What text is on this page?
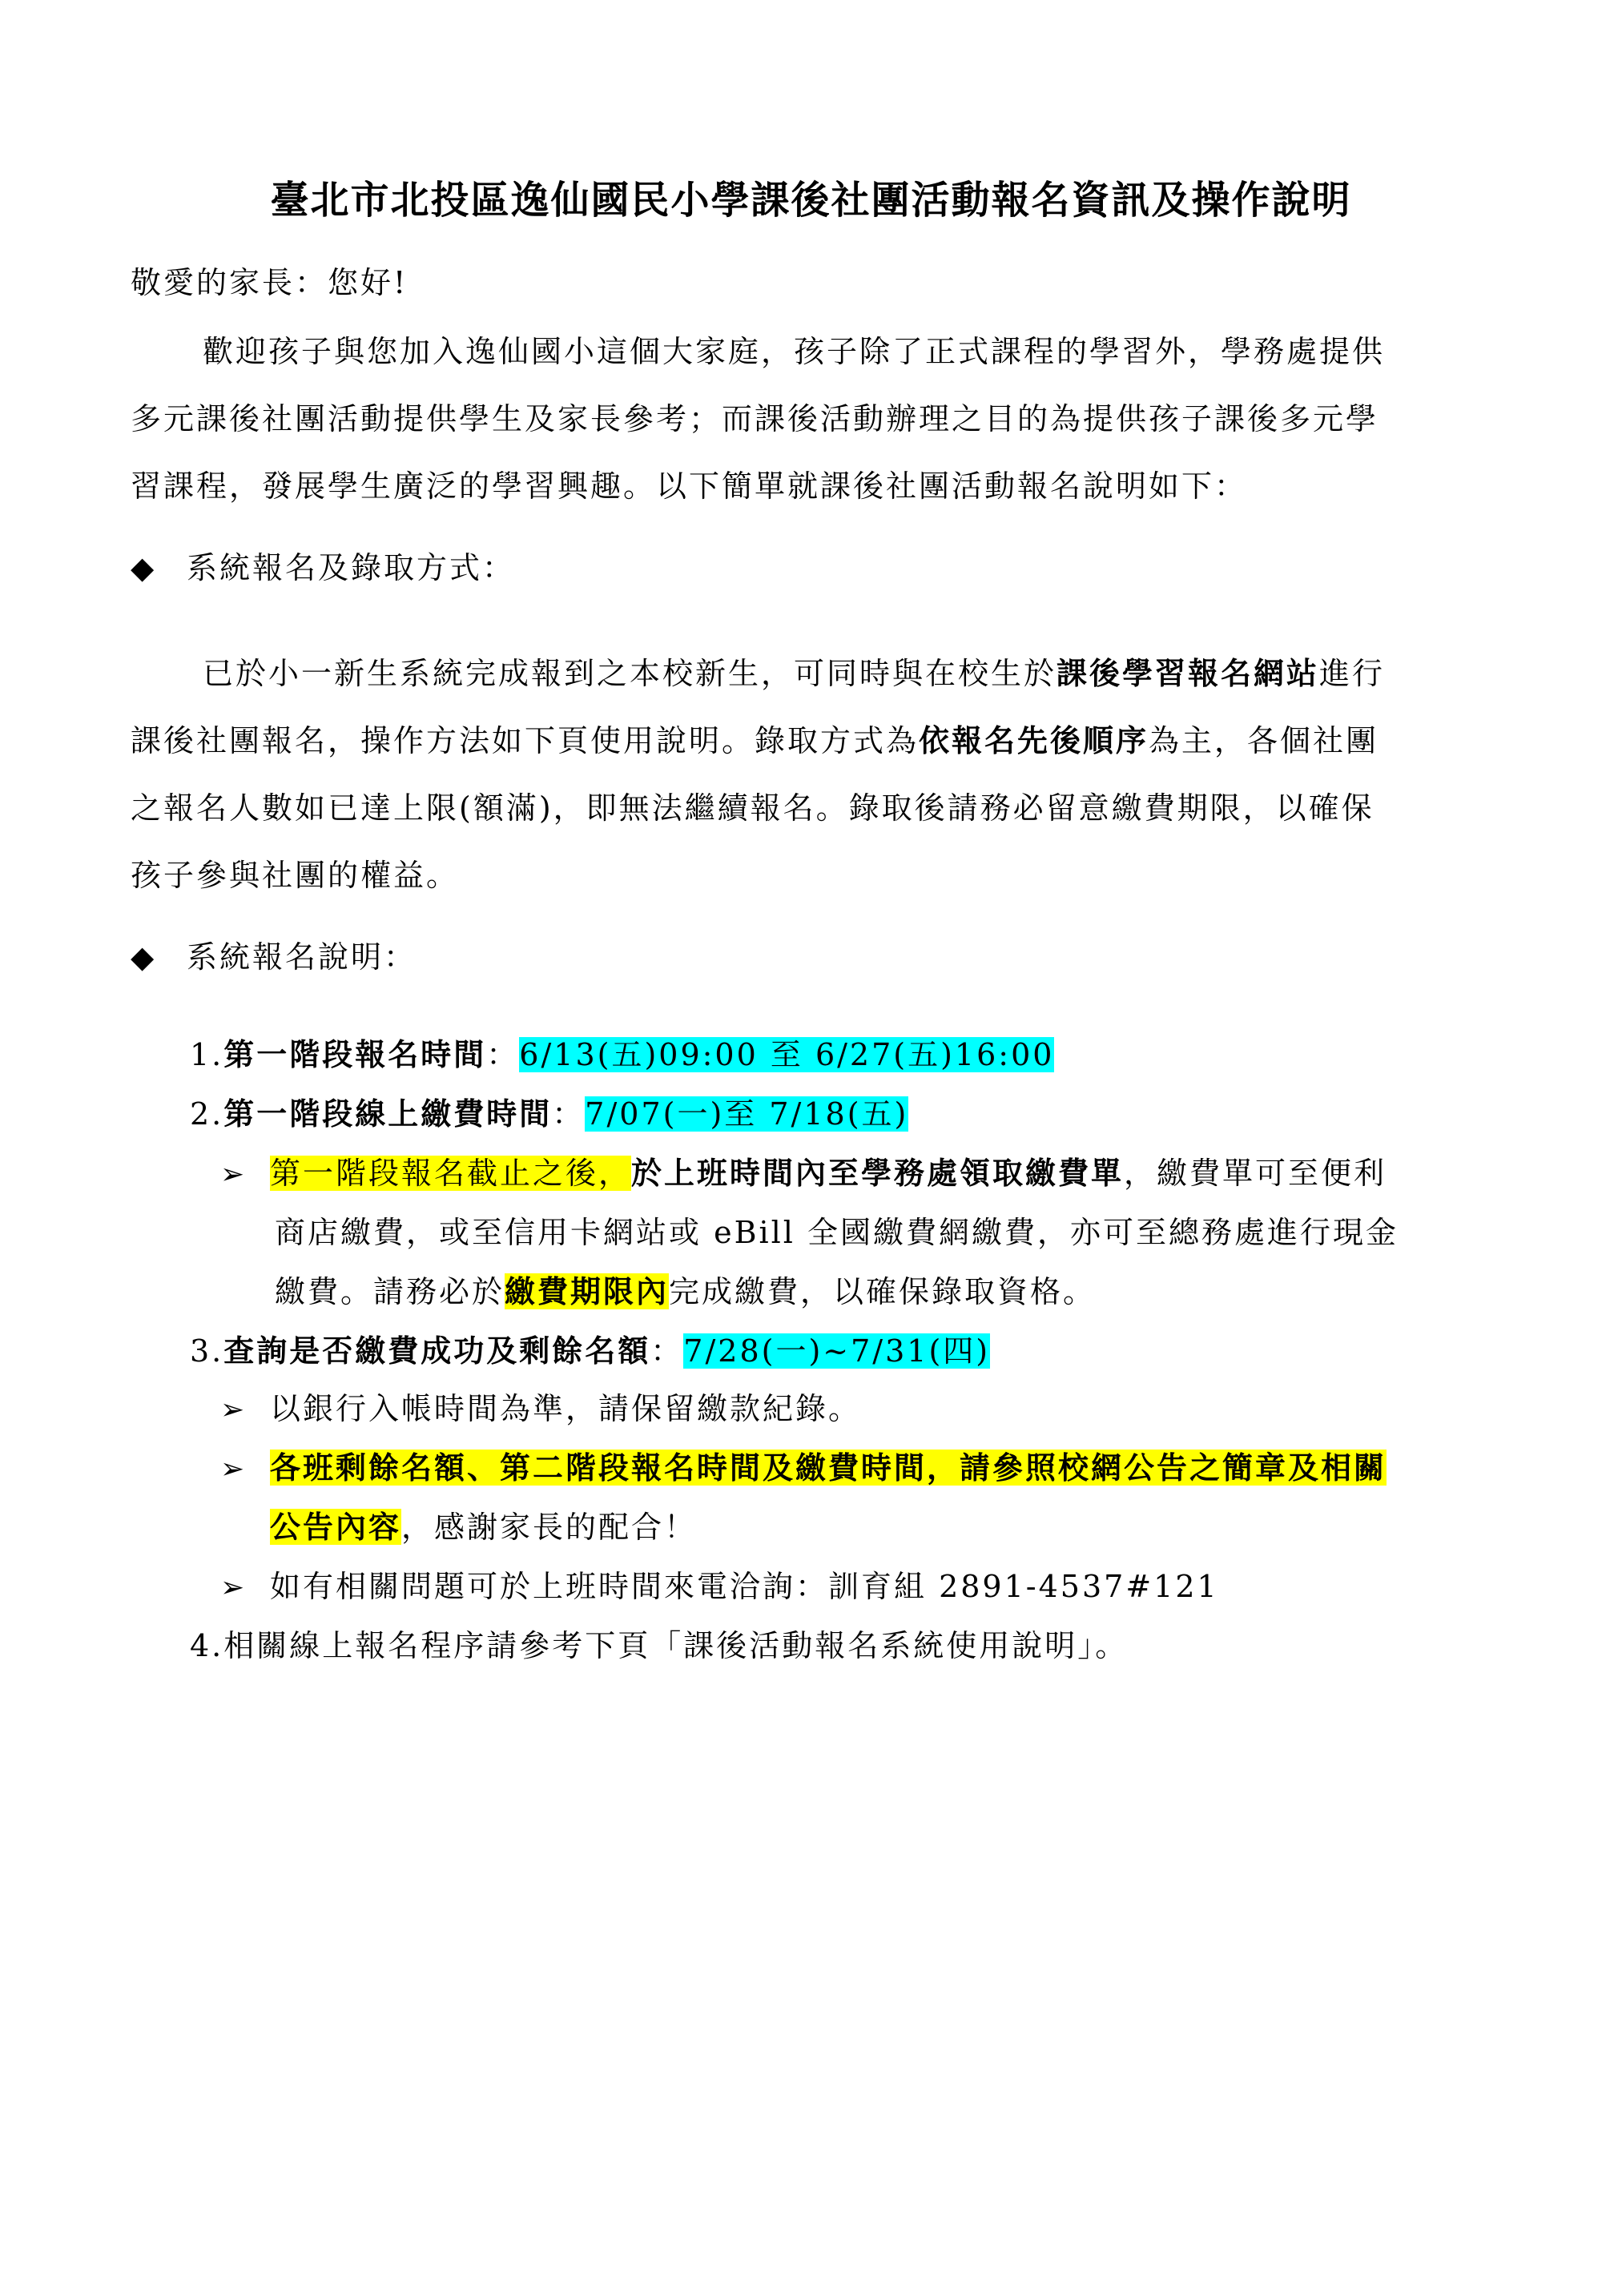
臺北市北投區逸仙國民小學課後社團活動報名資訊及操作說明
敬愛的家長：您好!
歡迎孩子與您加入逸仙國小這個大家庭，孩子除了正式課程的學習外，學務處提供
多元課後社團活動提供學生及家長參考；而課後活動辦理之目的為提供孩子課後多元學
習課程，發展學生廣泛的學習興趣。以下簡單就課後社團活動報名說明如下：
◆ 系統報名及錄取方式：
已於小一新生系統完成報到之本校新生，可同時與在校生於課後學習報名網站進行
課後社團報名，操作方法如下頁使用說明。錄取方式為依報名先後順序為主，各個社團
之報名人數如已達上限(額滿)，即無法繼續報名。錄取後請務必留意繳費期限，以確保
孩子參與社團的權益。
◆ 系統報名說明：
1.第一階段報名時間：6/13(五)09:00 至 6/27(五)16:00
2.第一階段線上繳費時間：7/07(一)至 7/18(五)
➢ 第一階段報名截止之後，於上班時間內至學務處領取繳費單，繳費單可至便利
商店繳費，或至信用卡網站或 eBill 全國繳費網繳費，亦可至總務處進行現金
繳費。請務必於繳費期限內完成繳費，以確保錄取資格。
3.查詢是否繳費成功及剩餘名額：7/28(一)~7/31(四)
➢ 以銀行入帳時間為準，請保留繳款紀錄。
➢ 各班剩餘名額、第二階段報名時間及繳費時間，請參照校網公告之簡章及相關
公告內容，感謝家長的配合！
➢ 如有相關問題可於上班時間來電洽詢：訓育組 2891-4537#121
4.相關線上報名程序請參考下頁「課後活動報名系統使用說明」。
